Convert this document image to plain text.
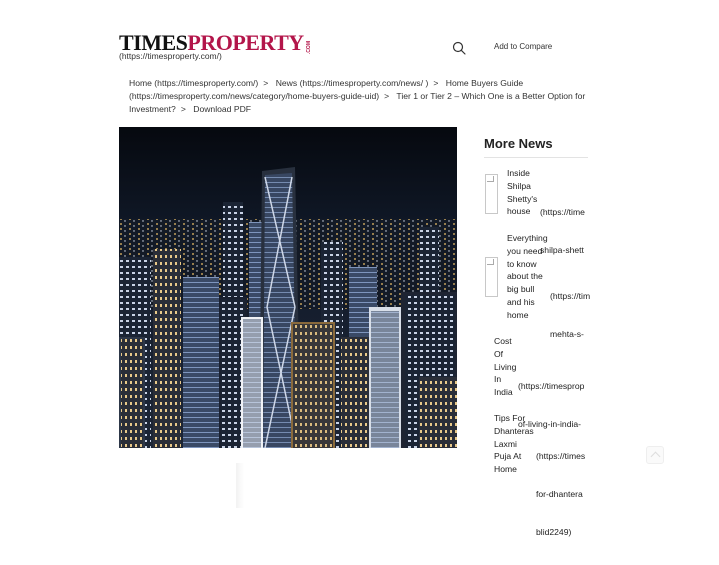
TIMES PROPERTY .COM
(https://timesproperty.com/)
Add to Compare
Home (https://timesproperty.com/) > News (https://timesproperty.com/news/ ) > Home Buyers Guide (https://timesproperty.com/news/category/home-buyers-guide-uid) > Tier 1 or Tier 2 – Which One is a Better Option for Investment? > Download PDF
More News
Inside
Shilpa
Shetty's
house

	(https://time

shilpa-shett

Everything
you need
to know
about the
big bull
and his
home

(https://tim

mehta-s-

Cost
Of
Living
In
India

(https://timesprop

of-living-in-india-

Tips For
Dhanteras
Laxmi
Puja At
Home

(https://times

for-dhantera

blid2249)
